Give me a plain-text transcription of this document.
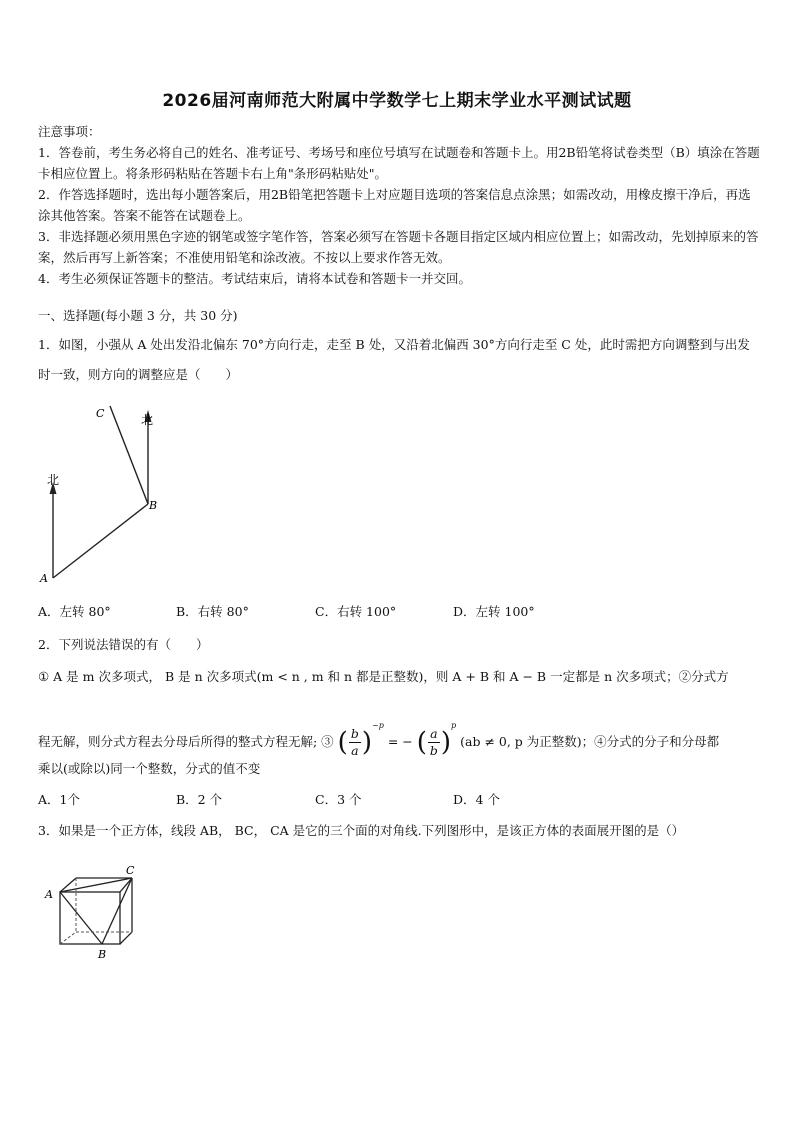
2026届河南师范大附属中学数学七上期末学业水平测试试题

注意事项：

1．答卷前，考生务必将自己的姓名、准考证号、考场号和座位号填写在试题卷和答题卡上。用2B铅笔将试卷类型（B）填涂在答题卡相应位置上。将条形码粘贴在答题卡右上角"条形码粘贴处"。

2．作答选择题时，选出每小题答案后，用2B铅笔把答题卡上对应题目选项的答案信息点涂黑；如需改动，用橡皮擦干净后，再选涂其他答案。答案不能答在试题卷上。

3．非选择题必须用黑色字迹的钢笔或签字笔作答，答案必须写在答题卡各题目指定区域内相应位置上；如需改动，先划掉原来的答案，然后再写上新答案；不准使用铅笔和涂改液。不按以上要求作答无效。

4．考生必须保证答题卡的整洁。考试结束后，请将本试卷和答题卡一并交回。

一、选择题(每小题 3 分，共 30 分)
1．如图，小强从 A 处出发沿北偏东 70°方向行走，走至 B 处，又沿着北偏西 30°方向行走至 C 处，此时需把方向调整到与出发时一致，则方向的调整应是（　　）
北
北
A
B
C
A．左转 80°	B．右转 80°	C．右转 100°	D．左转 100°
2．下列说法错误的有（　　）
① A 是 m 次多项式， B 是 n 次多项式(m < n , m 和 n 都是正整数)，则 A + B 和 A − B 一定都是 n 次多项式；②分式方
程无解，则分式方程去分母后所得的整式方程无解; ③ ( $\frac{b}{a} )^{-p}$ = − ( $\frac{a}{b} )^p$ (ab ≠ 0, p 为正整数)；④分式的分子和分母都
乘以(或除以)同一个整数，分式的值不变
A．1个	B．2 个	C．3 个	D．4 个
3．如果是一个正方体，线段 AB， BC， CA 是它的三个面的对角线.下列图形中，是该正方体的表面展开图的是（）
A
B
C
